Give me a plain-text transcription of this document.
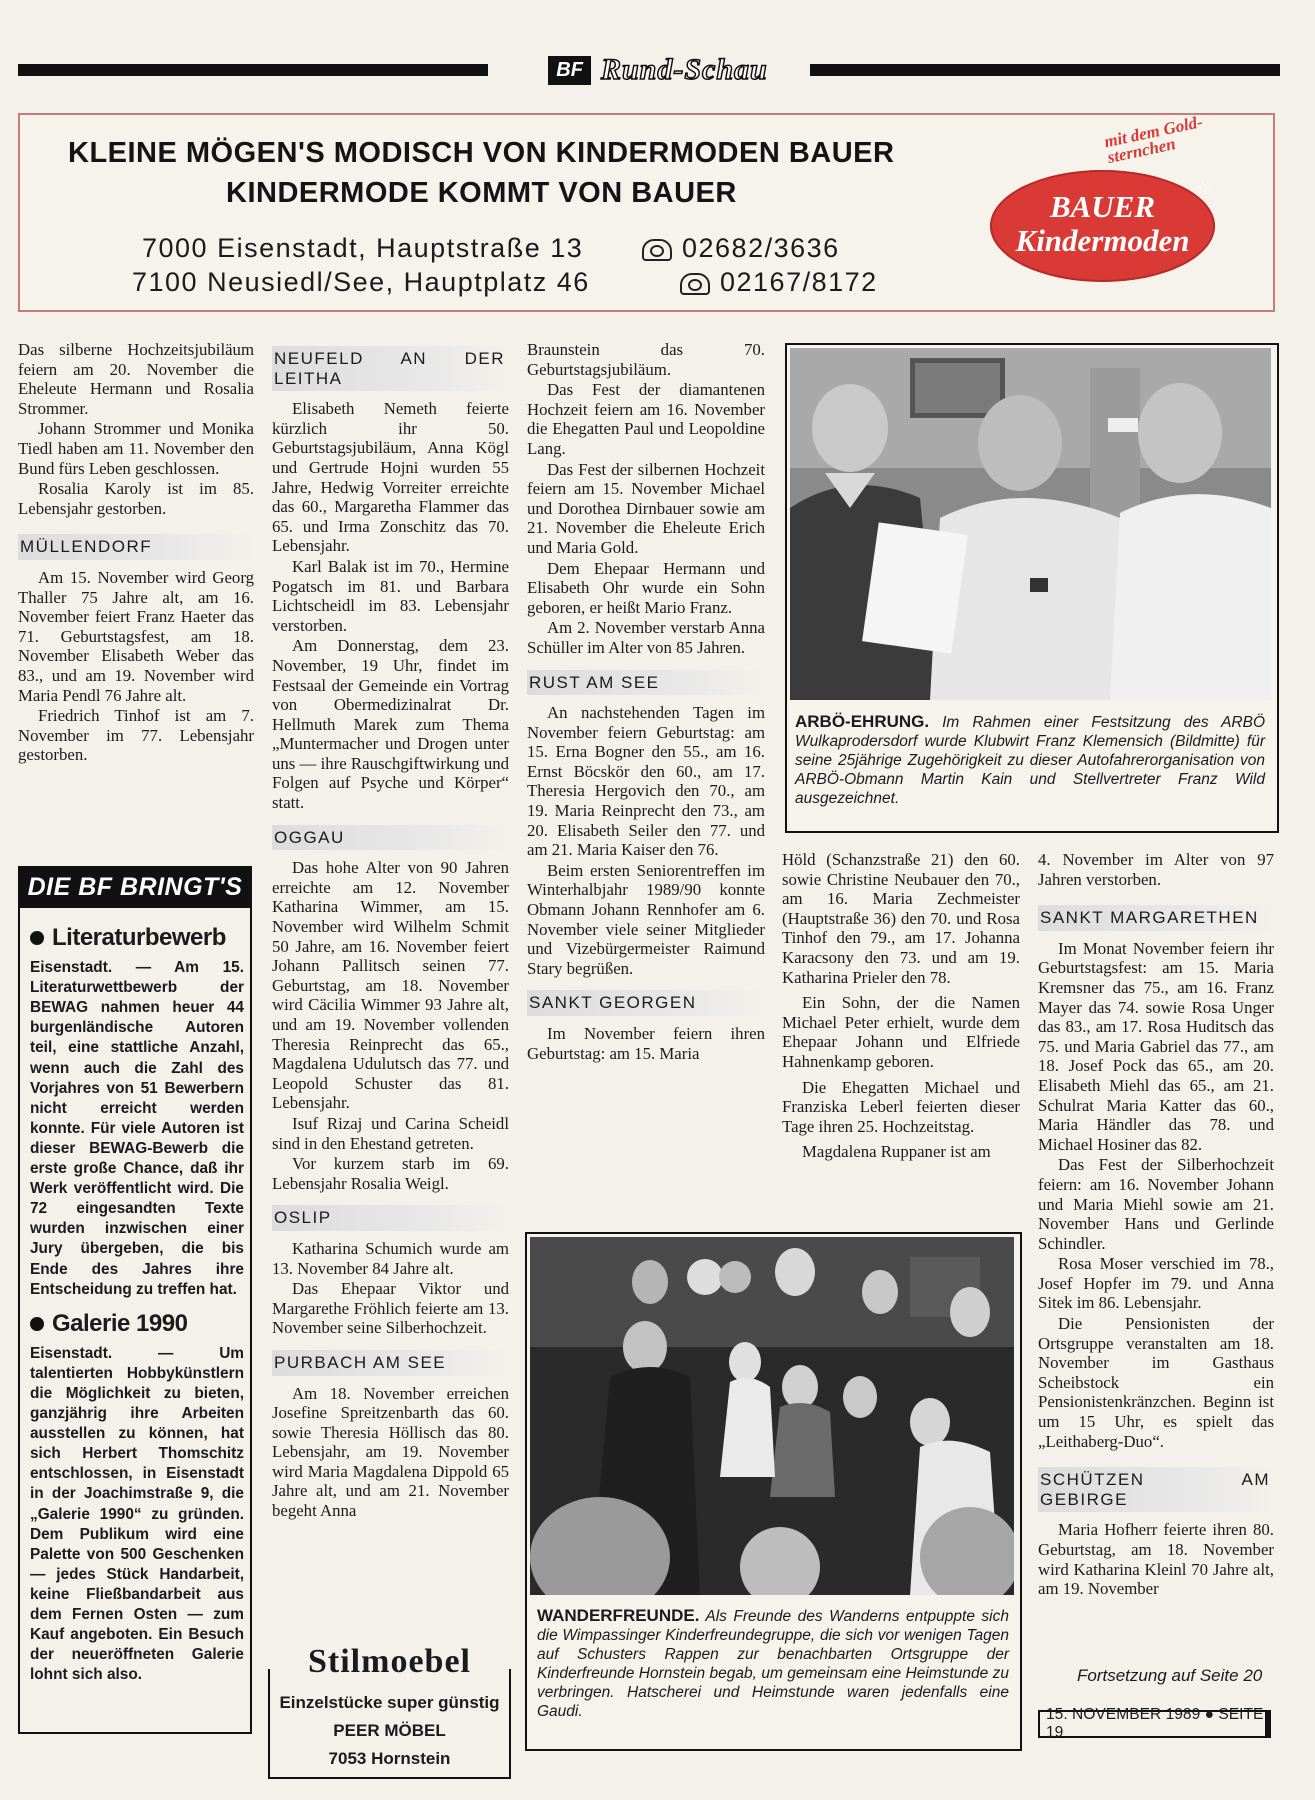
BF Rund-Schau
KLEINE MÖGEN'S MODISCH VON KINDERMODEN BAUER
KINDERMODE KOMMT VON BAUER
7000 Eisenstadt, Hauptstraße 13	02682/3636
7100 Neusiedl/See, Hauptplatz 46	02167/8172
mit dem Gold-sternchen
BAUER
Kindermoden
☆

Das silberne Hochzeitsjubiläum feiern am 20. November die Eheleute Hermann und Rosalia Strommer.

Johann Strommer und Monika Tiedl haben am 11. November den Bund fürs Leben geschlossen.

Rosalia Karoly ist im 85. Lebensjahr gestorben.

MÜLLENDORF

Am 15. November wird Georg Thaller 75 Jahre alt, am 16. November feiert Franz Haeter das 71. Geburtstagsfest, am 18. November Elisabeth Weber das 83., und am 19. November wird Maria Pendl 76 Jahre alt.

Friedrich Tinhof ist am 7. November im 77. Lebensjahr gestorben.

DIE BF BRINGT'S
Literaturbewerb

Eisenstadt. — Am 15. Literaturwettbewerb der BEWAG nahmen heuer 44 burgenländische Autoren teil, eine stattliche Anzahl, wenn auch die Zahl des Vorjahres von 51 Bewerbern nicht erreicht werden konnte. Für viele Autoren ist dieser BEWAG-Bewerb die erste große Chance, daß ihr Werk veröffentlicht wird. Die 72 eingesandten Texte wurden inzwischen einer Jury übergeben, die bis Ende des Jahres ihre Entscheidung zu treffen hat.

Galerie 1990

Eisenstadt. — Um talentierten Hobbykünstlern die Möglichkeit zu bieten, ganzjährig ihre Arbeiten ausstellen zu können, hat sich Herbert Thomschitz entschlossen, in Eisenstadt in der Joachimstraße 9, die „Galerie 1990“ zu gründen. Dem Publikum wird eine Palette von 500 Geschenken — jedes Stück Handarbeit, keine Fließbandarbeit aus dem Fernen Osten — zum Kauf angeboten. Ein Besuch der neueröffneten Galerie lohnt sich also.

NEUFELD AN DER LEITHA

Elisabeth Nemeth feierte kürzlich ihr 50. Geburtstagsjubiläum, Anna Kögl und Gertrude Hojni wurden 55 Jahre, Hedwig Vorreiter erreichte das 60., Margaretha Flammer das 65. und Irma Zonschitz das 70. Lebensjahr.

Karl Balak ist im 70., Hermine Pogatsch im 81. und Barbara Lichtscheidl im 83. Lebensjahr verstorben.

Am Donnerstag, dem 23. November, 19 Uhr, findet im Festsaal der Gemeinde ein Vortrag von Obermedizinalrat Dr. Hellmuth Marek zum Thema „Muntermacher und Drogen unter uns — ihre Rauschgiftwirkung und Folgen auf Psyche und Körper“ statt.

OGGAU

Das hohe Alter von 90 Jahren erreichte am 12. November Katharina Wimmer, am 15. November wird Wilhelm Schmit 50 Jahre, am 16. November feiert Johann Pallitsch seinen 77. Geburtstag, am 18. November wird Cäcilia Wimmer 93 Jahre alt, und am 19. November vollenden Theresia Reinprecht das 65., Magdalena Udulutsch das 77. und Leopold Schuster das 81. Lebensjahr.

Isuf Rizaj und Carina Scheidl sind in den Ehestand getreten.

Vor kurzem starb im 69. Lebensjahr Rosalia Weigl.

OSLIP

Katharina Schumich wurde am 13. November 84 Jahre alt.

Das Ehepaar Viktor und Margarethe Fröhlich feierte am 13. November seine Silberhochzeit.

PURBACH AM SEE

Am 18. November erreichen Josefine Spreitzenbarth das 60. sowie Theresia Höllisch das 80. Lebensjahr, am 19. November wird Maria Magdalena Dippold 65 Jahre alt, und am 21. November begeht Anna

Stilmoebel
Einzelstücke super günstig
PEER MÖBEL
7053 Hornstein

Braunstein das 70. Geburtstagsjubiläum.

Das Fest der diamantenen Hochzeit feiern am 16. November die Ehegatten Paul und Leopoldine Lang.

Das Fest der silbernen Hochzeit feiern am 15. November Michael und Dorothea Dirnbauer sowie am 21. November die Eheleute Erich und Maria Gold.

Dem Ehepaar Hermann und Elisabeth Ohr wurde ein Sohn geboren, er heißt Mario Franz.

Am 2. November verstarb Anna Schüller im Alter von 85 Jahren.

RUST AM SEE

An nachstehenden Tagen im November feiern Geburtstag: am 15. Erna Bogner den 55., am 16. Ernst Böcskör den 60., am 17. Theresia Hergovich den 70., am 19. Maria Reinprecht den 73., am 20. Elisabeth Seiler den 77. und am 21. Maria Kaiser den 76.

Beim ersten Seniorentreffen im Winterhalbjahr 1989/90 konnte Obmann Johann Rennhofer am 6. November viele seiner Mitglieder und Vizebürgermeister Raimund Stary begrüßen.

SANKT GEORGEN

Im November feiern ihren Geburtstag: am 15. Maria

ARBÖ-EHRUNG. Im Rahmen einer Festsitzung des ARBÖ Wulkaprodersdorf wurde Klubwirt Franz Klemensich (Bildmitte) für seine 25jährige Zugehörigkeit zu dieser Autofahrerorganisation von ARBÖ-Obmann Martin Kain und Stellvertreter Franz Wild ausgezeichnet.

Höld (Schanzstraße 21) den 60. sowie Christine Neubauer den 70., am 16. Maria Zechmeister (Hauptstraße 36) den 70. und Rosa Tinhof den 79., am 17. Johanna Karacsony den 73. und am 19. Katharina Prieler den 78.

Ein Sohn, der die Namen Michael Peter erhielt, wurde dem Ehepaar Johann und Elfriede Hahnenkamp geboren.

Die Ehegatten Michael und Franziska Leberl feierten dieser Tage ihren 25. Hochzeitstag.

Magdalena Ruppaner ist am

4. November im Alter von 97 Jahren verstorben.

SANKT MARGARETHEN

Im Monat November feiern ihr Geburtstagsfest: am 15. Maria Kremsner das 75., am 16. Franz Mayer das 74. sowie Rosa Unger das 83., am 17. Rosa Huditsch das 75. und Maria Gabriel das 77., am 18. Josef Pock das 65., am 20. Elisabeth Miehl das 65., am 21. Schulrat Maria Katter das 60., Maria Händler das 78. und Michael Hosiner das 82.

Das Fest der Silberhochzeit feiern: am 16. November Johann und Maria Miehl sowie am 21. November Hans und Gerlinde Schindler.

Rosa Moser verschied im 78., Josef Hopfer im 79. und Anna Sitek im 86. Lebensjahr.

Die Pensionisten der Ortsgruppe veranstalten am 18. November im Gasthaus Scheibstock ein Pensionistenkränzchen. Beginn ist um 15 Uhr, es spielt das „Leithaberg-Duo“.

SCHÜTZEN AM GEBIRGE

Maria Hofherr feierte ihren 80. Geburtstag, am 18. November wird Katharina Kleinl 70 Jahre alt, am 19. November

WANDERFREUNDE. Als Freunde des Wanderns entpuppte sich die Wimpassinger Kinderfreundegruppe, die sich vor wenigen Tagen auf Schusters Rappen zur benachbarten Ortsgruppe der Kinderfreunde Hornstein begab, um gemeinsam eine Heimstunde zu verbringen. Hatscherei und Heimstunde waren jedenfalls eine Gaudi.
Fortsetzung auf Seite 20
15. NOVEMBER 1989 ● SEITE 19
